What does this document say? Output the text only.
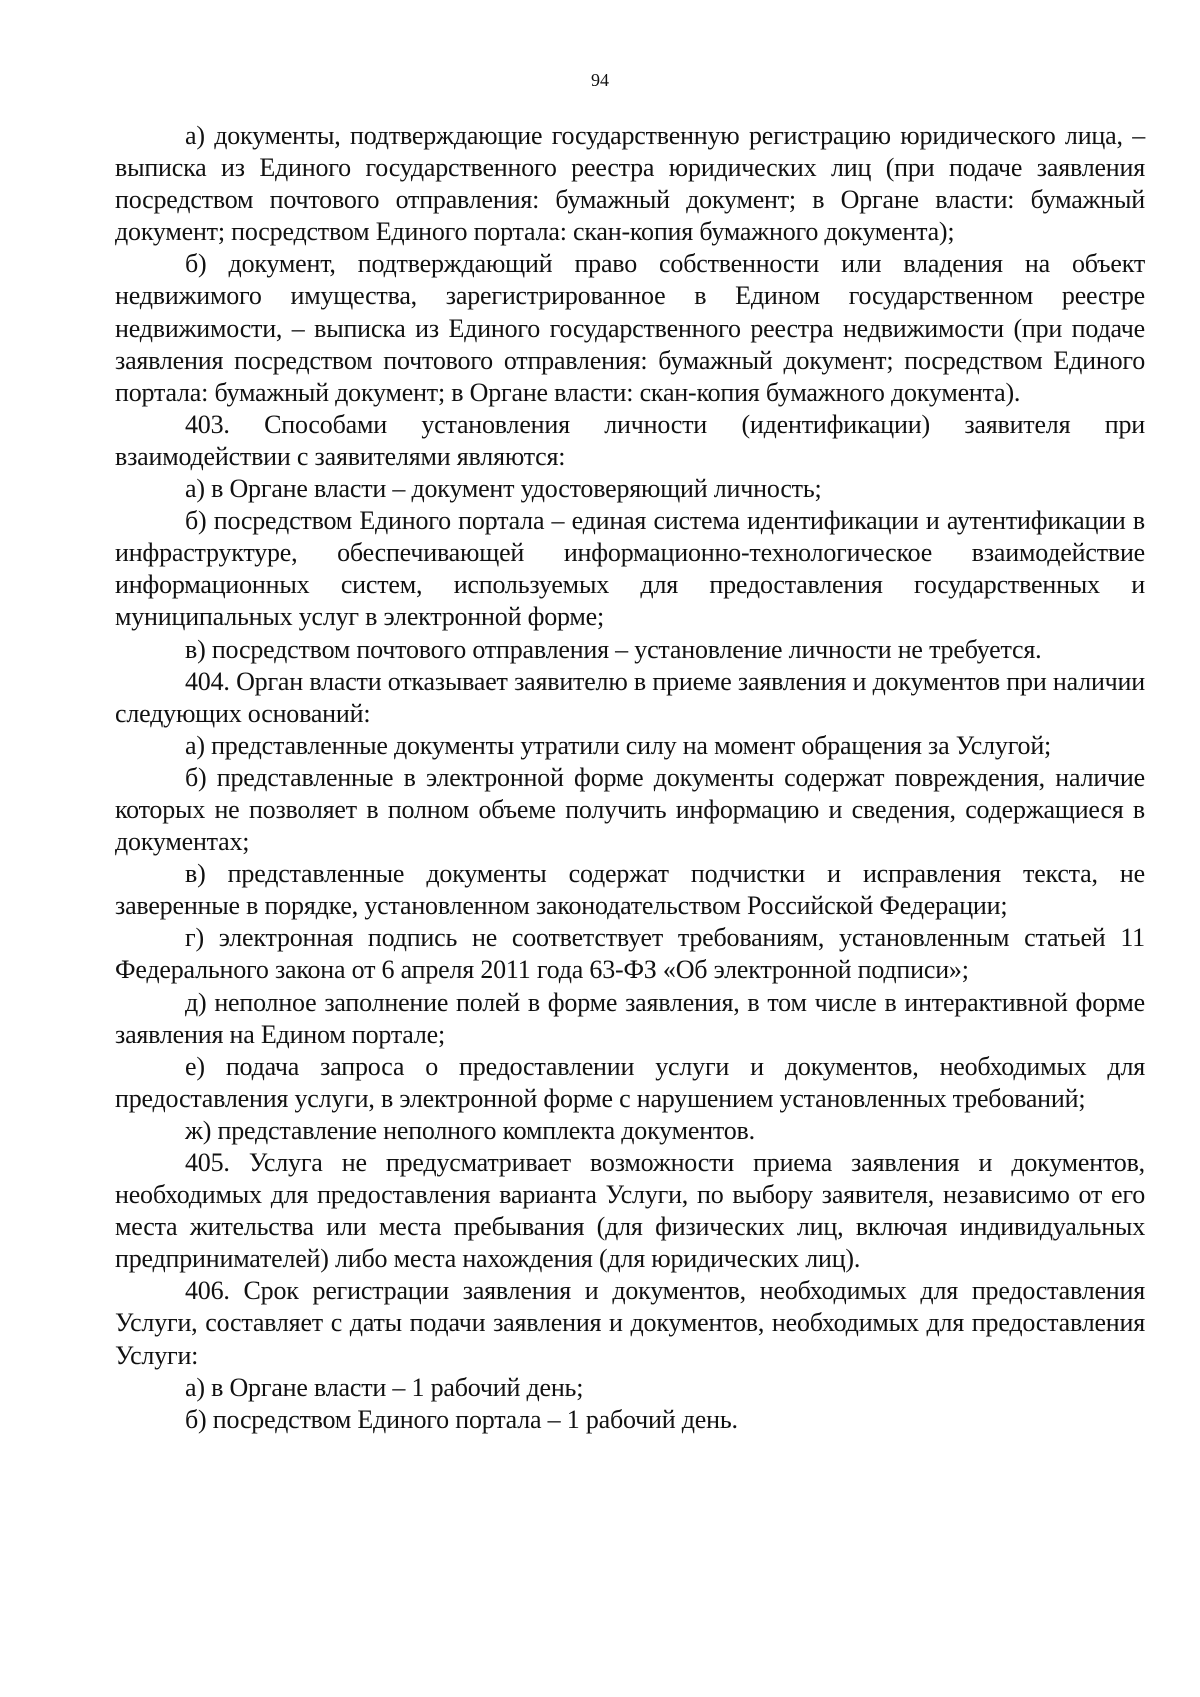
94

а) документы, подтверждающие государственную регистрацию юридического лица, – выписка из Единого государственного реестра юридических лиц (при подаче заявления посредством почтового отправления: бумажный документ; в Органе власти: бумажный документ; посредством Единого портала: скан-копия бумажного документа);

б) документ, подтверждающий право собственности или владения на объект недвижимого имущества, зарегистрированное в Едином государственном реестре недвижимости, – выписка из Единого государственного реестра недвижимости (при подаче заявления посредством почтового отправления: бумажный документ; посредством Единого портала: бумажный документ; в Органе власти: скан-копия бумажного документа).

403. Способами установления личности (идентификации) заявителя при взаимодействии с заявителями являются:

а) в Органе власти – документ удостоверяющий личность;

б) посредством Единого портала – единая система идентификации и аутентификации в инфраструктуре, обеспечивающей информационно-технологическое взаимодействие информационных систем, используемых для предоставления государственных и муниципальных услуг в электронной форме;

в) посредством почтового отправления – установление личности не требуется.

404. Орган власти отказывает заявителю в приеме заявления и документов при наличии следующих оснований:

а) представленные документы утратили силу на момент обращения за Услугой;

б) представленные в электронной форме документы содержат повреждения, наличие которых не позволяет в полном объеме получить информацию и сведения, содержащиеся в документах;

в) представленные документы содержат подчистки и исправления текста, не заверенные в порядке, установленном законодательством Российской Федерации;

г) электронная подпись не соответствует требованиям, установленным статьей 11 Федерального закона от 6 апреля 2011 года 63-ФЗ «Об электронной подписи»;

д) неполное заполнение полей в форме заявления, в том числе в интерактивной форме заявления на Едином портале;

е) подача запроса о предоставлении услуги и документов, необходимых для предоставления услуги, в электронной форме с нарушением установленных требований;

ж) представление неполного комплекта документов.

405. Услуга не предусматривает возможности приема заявления и документов, необходимых для предоставления варианта Услуги, по выбору заявителя, независимо от его места жительства или места пребывания (для физических лиц, включая индивидуальных предпринимателей) либо места нахождения (для юридических лиц).

406. Срок регистрации заявления и документов, необходимых для предоставления Услуги, составляет с даты подачи заявления и документов, необходимых для предоставления Услуги:

а) в Органе власти – 1 рабочий день;

б) посредством Единого портала – 1 рабочий день.
